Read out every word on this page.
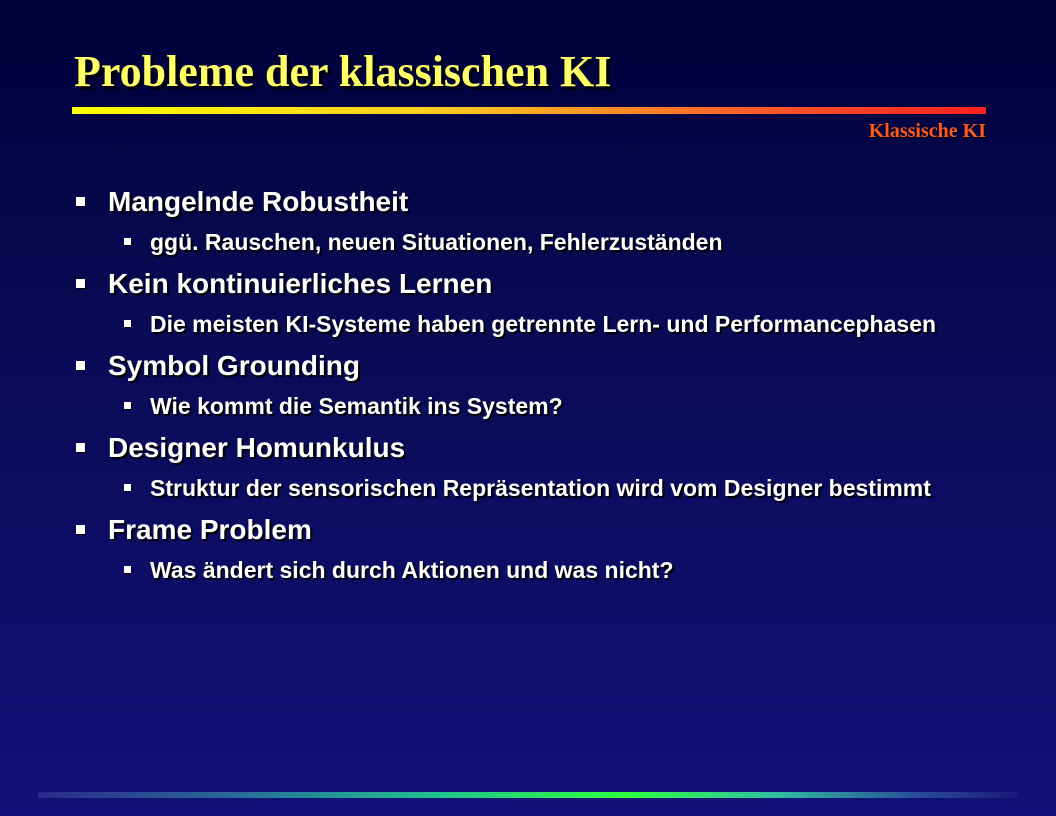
Probleme der klassischen KI
Klassische KI
Mangelnde Robustheit
ggü. Rauschen, neuen Situationen, Fehlerzuständen
Kein kontinuierliches Lernen
Die meisten KI-Systeme haben getrennte Lern- und Performancephasen
Symbol Grounding
Wie kommt die Semantik ins System?
Designer Homunkulus
Struktur der sensorischen Repräsentation wird vom Designer bestimmt
Frame Problem
Was ändert sich durch Aktionen und was nicht?
